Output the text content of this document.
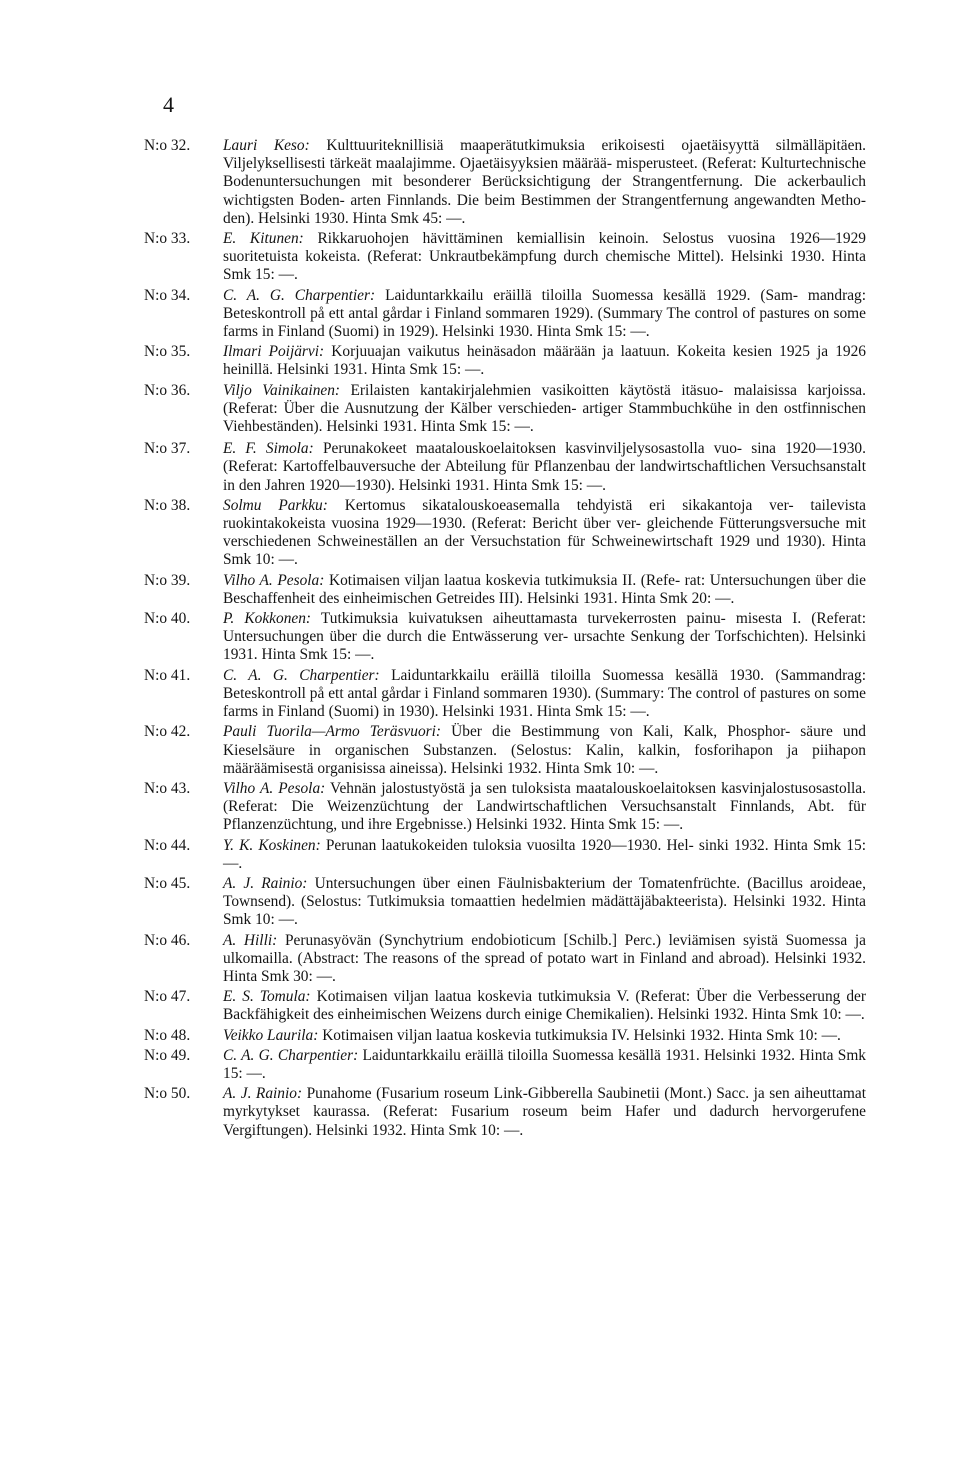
4
N:o 32.	Lauri Keso: Kulttuuriteknillisiä maaperätutkimuksia erikoisesti ojaetäisyyttä silmälläpitäen. Viljelyksellisesti tärkeät maalajimme. Ojaetäisyyksien määrää- misperusteet. (Referat: Kulturtechnische Bodenuntersuchungen mit besonderer Berücksichtigung der Strangentfernung. Die ackerbaulich wichtigsten Boden- arten Finnlands. Die beim Bestimmen der Strangentfernung angewandten Metho- den). Helsinki 1930. Hinta Smk 45: —.
N:o 33.	E. Kitunen: Rikkaruohojen hävittäminen kemiallisin keinoin. Selostus vuosina 1926—1929 suoritetuista kokeista. (Referat: Unkrautbekämpfung durch chemische Mittel). Helsinki 1930. Hinta Smk 15: —.
N:o 34.	C. A. G. Charpentier: Laiduntarkkailu eräillä tiloilla Suomessa kesällä 1929. (Sam- mandrag: Beteskontroll på ett antal gårdar i Finland sommaren 1929). (Summary The control of pastures on some farms in Finland (Suomi) in 1929). Helsinki 1930. Hinta Smk 15: —.
N:o 35.	Ilmari Poijärvi: Korjuuajan vaikutus heinäsadon määrään ja laatuun. Kokeita kesien 1925 ja 1926 heinillä. Helsinki 1931. Hinta Smk 15: —.
N:o 36.	Viljo Vainikainen: Erilaisten kantakirjalehmien vasikoitten käytöstä itäsuo- malaisissa karjoissa. (Referat: Über die Ausnutzung der Kälber verschieden- artiger Stammbuchkühe in den ostfinnischen Viehbeständen). Helsinki 1931. Hinta Smk 15: —.
N:o 37.	E. F. Simola: Perunakokeet maatalouskoelaitoksen kasvinviljelysosastolla vuo- sina 1920—1930. (Referat: Kartoffelbauversuche der Abteilung für Pflanzenbau der landwirtschaftlichen Versuchsanstalt in den Jahren 1920—1930). Helsinki 1931. Hinta Smk 15: —.
N:o 38.	Solmu Parkku: Kertomus sikatalouskoeasemalla tehdyistä eri sikakantoja ver- tailevista ruokintakokeista vuosina 1929—1930. (Referat: Bericht über ver- gleichende Fütterungsversuche mit verschiedenen Schweineställen an der Versuchstation für Schweinewirtschaft 1929 und 1930). Hinta Smk 10: —.
N:o 39.	Vilho A. Pesola: Kotimaisen viljan laatua koskevia tutkimuksia II. (Refe- rat: Untersuchungen über die Beschaffenheit des einheimischen Getreides III). Helsinki 1931. Hinta Smk 20: —.
N:o 40.	P. Kokkonen: Tutkimuksia kuivatuksen aiheuttamasta turvekerrosten painu- misesta I. (Referat: Untersuchungen über die durch die Entwässerung ver- ursachte Senkung der Torfschichten). Helsinki 1931. Hinta Smk 15: —.
N:o 41.	C. A. G. Charpentier: Laiduntarkkailu eräillä tiloilla Suomessa kesällä 1930. (Sammandrag: Beteskontroll på ett antal gårdar i Finland sommaren 1930). (Summary: The control of pastures on some farms in Finland (Suomi) in 1930). Helsinki 1931. Hinta Smk 15: —.
N:o 42.	Pauli Tuorila—Armo Teräsvuori: Über die Bestimmung von Kali, Kalk, Phosphor- säure und Kieselsäure in organischen Substanzen. (Selostus: Kalin, kalkin, fosforihapon ja piihapon määräämisestä organisissa aineissa). Helsinki 1932. Hinta Smk 10: —.
N:o 43.	Vilho A. Pesola: Vehnän jalostustyöstä ja sen tuloksista maatalouskoelaitoksen kasvinjalostusosastolla. (Referat: Die Weizenzüchtung der Landwirtschaftlichen Versuchsanstalt Finnlands, Abt. für Pflanzenzüchtung, und ihre Ergebnisse.) Helsinki 1932. Hinta Smk 15: —.
N:o 44.	Y. K. Koskinen: Perunan laatukokeiden tuloksia vuosilta 1920—1930. Hel- sinki 1932. Hinta Smk 15: —.
N:o 45.	A. J. Rainio: Untersuchungen über einen Fäulnisbakterium der Tomatenfrüchte. (Bacillus aroideae, Townsend). (Selostus: Tutkimuksia tomaattien hedelmien mädättäjäbakteerista). Helsinki 1932. Hinta Smk 10: —.
N:o 46.	A. Hilli: Perunasyövän (Synchytrium endobioticum [Schilb.] Perc.) leviämisen syistä Suomessa ja ulkomailla. (Abstract: The reasons of the spread of potato wart in Finland and abroad). Helsinki 1932. Hinta Smk 30: —.
N:o 47.	E. S. Tomula: Kotimaisen viljan laatua koskevia tutkimuksia V. (Referat: Über die Verbesserung der Backfähigkeit des einheimischen Weizens durch einige Chemikalien). Helsinki 1932. Hinta Smk 10: —.
N:o 48.	Veikko Laurila: Kotimaisen viljan laatua koskevia tutkimuksia IV. Helsinki 1932. Hinta Smk 10: —.
N:o 49.	C. A. G. Charpentier: Laiduntarkkailu eräillä tiloilla Suomessa kesällä 1931. Helsinki 1932. Hinta Smk 15: —.
N:o 50.	A. J. Rainio: Punahome (Fusarium roseum Link-Gibberella Saubinetii (Mont.) Sacc. ja sen aiheuttamat myrkytykset kaurassa. (Referat: Fusarium roseum beim Hafer und dadurch hervorgerufene Vergiftungen). Helsinki 1932. Hinta Smk 10: —.
